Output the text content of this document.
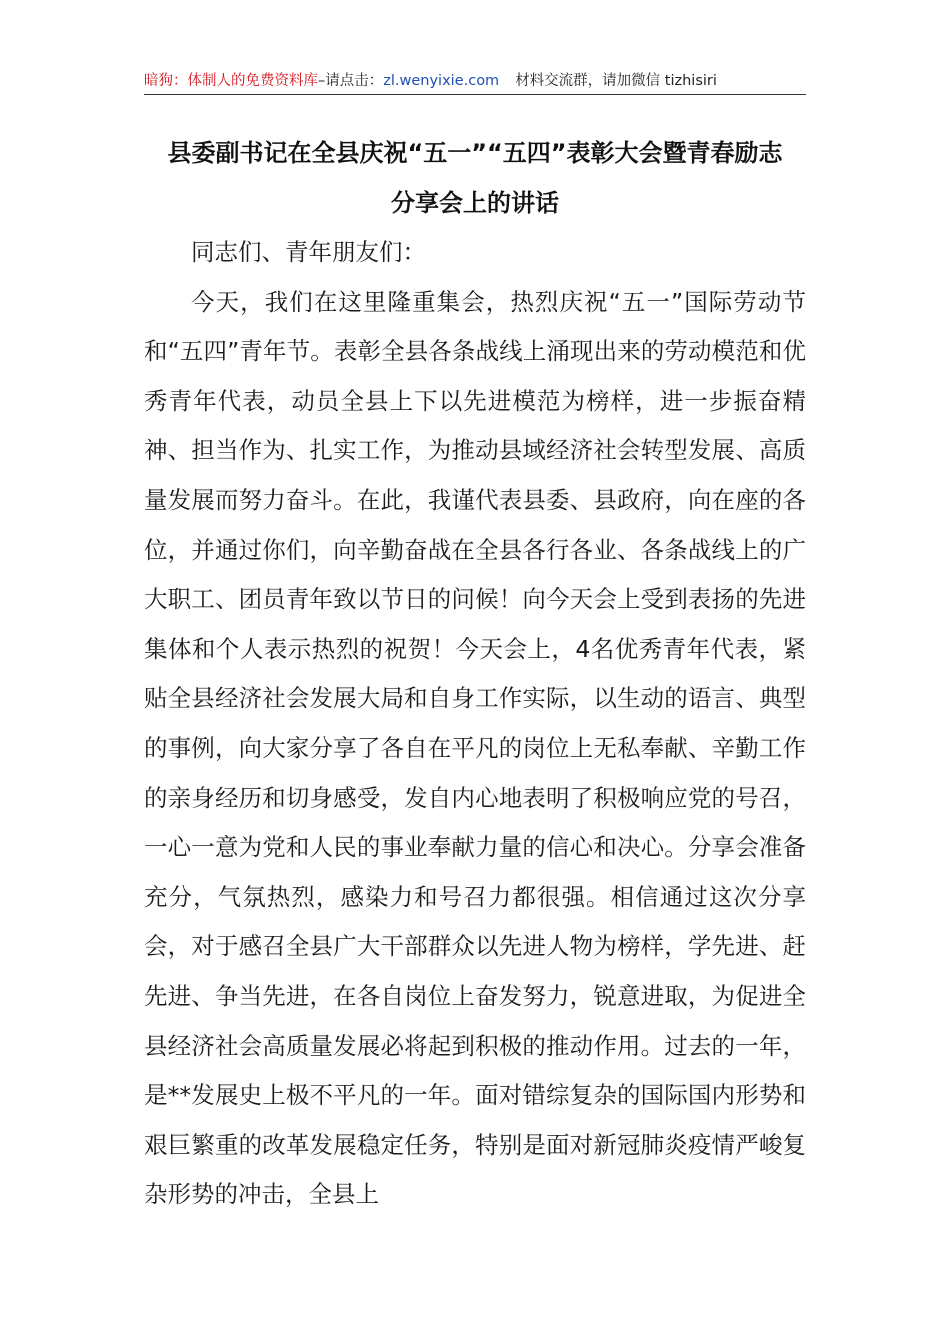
暗狗：体制人的免费资料库–请点击：zl.wenyixie.com 材料交流群，请加微信 tizhisiri
县委副书记在全县庆祝“五一”“五四”表彰大会暨青春励志
分享会上的讲话

同志们、青年朋友们：

今天，我们在这里隆重集会，热烈庆祝“五一”国际劳动节和“五四”青年节。表彰全县各条战线上涌现出来的劳动模范和优秀青年代表，动员全县上下以先进模范为榜样，进一步振奋精神、担当作为、扎实工作，为推动县域经济社会转型发展、高质量发展而努力奋斗。在此，我谨代表县委、县政府，向在座的各位，并通过你们，向辛勤奋战在全县各行各业、各条战线上的广大职工、团员青年致以节日的问候！向今天会上受到表扬的先进集体和个人表示热烈的祝贺！今天会上，4名优秀青年代表，紧贴全县经济社会发展大局和自身工作实际，以生动的语言、典型的事例，向大家分享了各自在平凡的岗位上无私奉献、辛勤工作的亲身经历和切身感受，发自内心地表明了积极响应党的号召，一心一意为党和人民的事业奉献力量的信心和决心。分享会准备充分，气氛热烈，感染力和号召力都很强。相信通过这次分享会，对于感召全县广大干部群众以先进人物为榜样，学先进、赶先进、争当先进，在各自岗位上奋发努力，锐意进取，为促进全县经济社会高质量发展必将起到积极的推动作用。过去的一年，是**发展史上极不平凡的一年。面对错综复杂的国际国内形势和艰巨繁重的改革发展稳定任务，特别是面对新冠肺炎疫情严峻复杂形势的冲击，全县上
